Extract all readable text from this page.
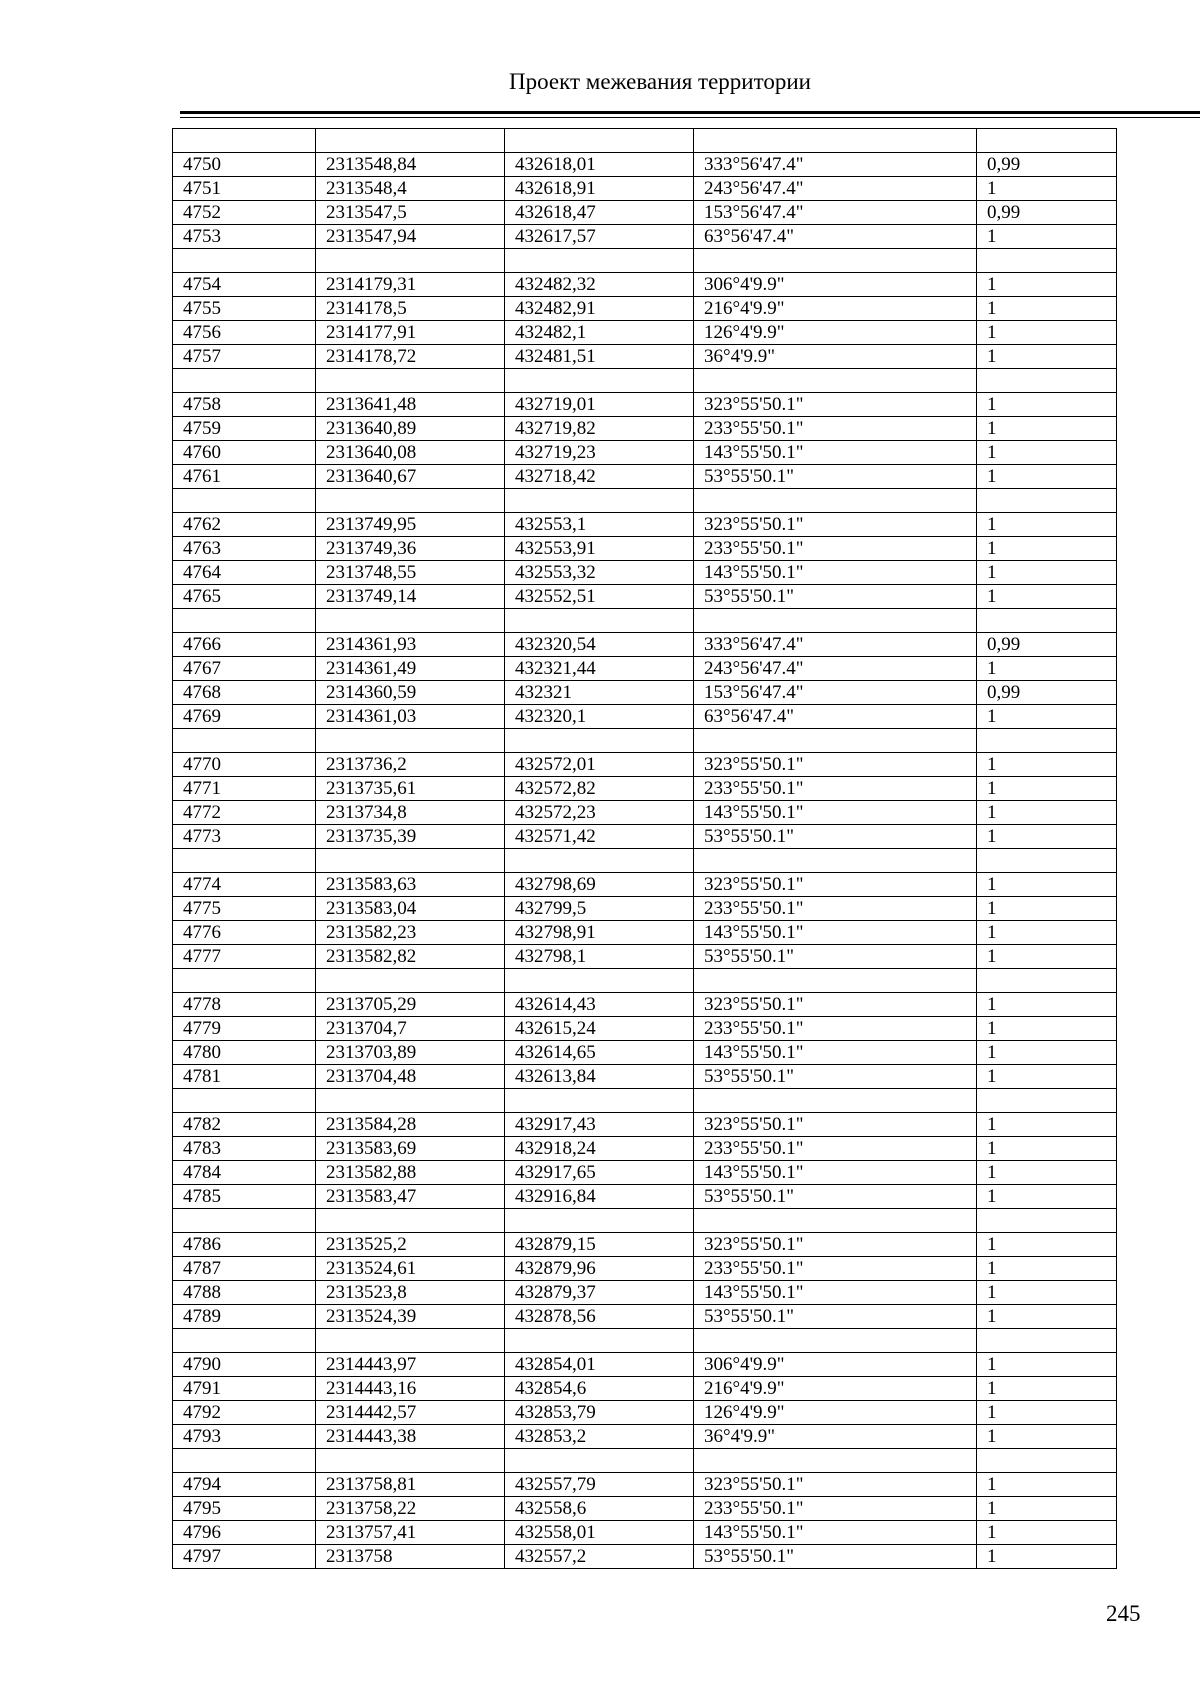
Проект межевания территории

4750	2313548,84	432618,01	333°56'47.4"	0,99
4751	2313548,4	432618,91	243°56'47.4"	1
4752	2313547,5	432618,47	153°56'47.4"	0,99
4753	2313547,94	432617,57	63°56'47.4"	1

4754	2314179,31	432482,32	306°4'9.9"	1
4755	2314178,5	432482,91	216°4'9.9"	1
4756	2314177,91	432482,1	126°4'9.9"	1
4757	2314178,72	432481,51	36°4'9.9"	1

4758	2313641,48	432719,01	323°55'50.1"	1
4759	2313640,89	432719,82	233°55'50.1"	1
4760	2313640,08	432719,23	143°55'50.1"	1
4761	2313640,67	432718,42	53°55'50.1"	1

4762	2313749,95	432553,1	323°55'50.1"	1
4763	2313749,36	432553,91	233°55'50.1"	1
4764	2313748,55	432553,32	143°55'50.1"	1
4765	2313749,14	432552,51	53°55'50.1"	1

4766	2314361,93	432320,54	333°56'47.4"	0,99
4767	2314361,49	432321,44	243°56'47.4"	1
4768	2314360,59	432321	153°56'47.4"	0,99
4769	2314361,03	432320,1	63°56'47.4"	1

4770	2313736,2	432572,01	323°55'50.1"	1
4771	2313735,61	432572,82	233°55'50.1"	1
4772	2313734,8	432572,23	143°55'50.1"	1
4773	2313735,39	432571,42	53°55'50.1"	1

4774	2313583,63	432798,69	323°55'50.1"	1
4775	2313583,04	432799,5	233°55'50.1"	1
4776	2313582,23	432798,91	143°55'50.1"	1
4777	2313582,82	432798,1	53°55'50.1"	1

4778	2313705,29	432614,43	323°55'50.1"	1
4779	2313704,7	432615,24	233°55'50.1"	1
4780	2313703,89	432614,65	143°55'50.1"	1
4781	2313704,48	432613,84	53°55'50.1"	1

4782	2313584,28	432917,43	323°55'50.1"	1
4783	2313583,69	432918,24	233°55'50.1"	1
4784	2313582,88	432917,65	143°55'50.1"	1
4785	2313583,47	432916,84	53°55'50.1"	1

4786	2313525,2	432879,15	323°55'50.1"	1
4787	2313524,61	432879,96	233°55'50.1"	1
4788	2313523,8	432879,37	143°55'50.1"	1
4789	2313524,39	432878,56	53°55'50.1"	1

4790	2314443,97	432854,01	306°4'9.9"	1
4791	2314443,16	432854,6	216°4'9.9"	1
4792	2314442,57	432853,79	126°4'9.9"	1
4793	2314443,38	432853,2	36°4'9.9"	1

4794	2313758,81	432557,79	323°55'50.1"	1
4795	2313758,22	432558,6	233°55'50.1"	1
4796	2313757,41	432558,01	143°55'50.1"	1
4797	2313758	432557,2	53°55'50.1"	1
245
